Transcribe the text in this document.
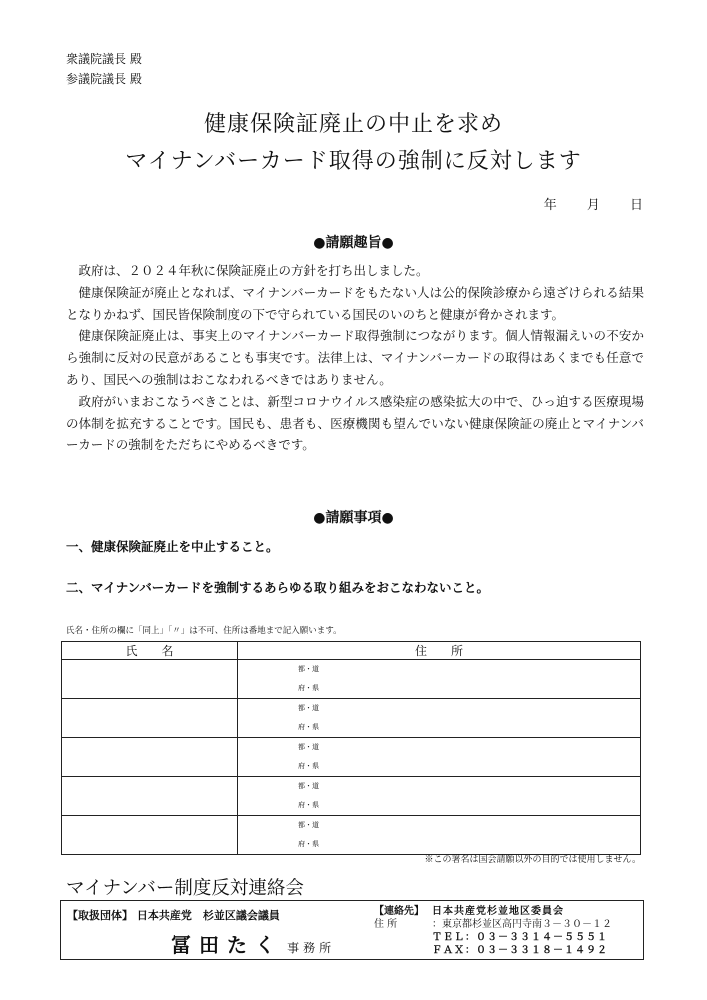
衆議院議長 殿
参議院議長 殿
健康保険証廃止の中止を求め
マイナンバーカード取得の強制に反対します
年 月 日
●請願趣旨●

政府は、２０２４年秋に保険証廃止の方針を打ち出しました。

健康保険証が廃止となれば、マイナンバーカードをもたない人は公的保険診療から遠ざけられる結果となりかねず、国民皆保険制度の下で守られている国民のいのちと健康が脅かされます。

健康保険証廃止は、事実上のマイナンバーカード取得強制につながります。個人情報漏えいの不安から強制に反対の民意があることも事実です。法律上は、マイナンバーカードの取得はあくまでも任意であり、国民への強制はおこなわれるべきではありません。

政府がいまおこなうべきことは、新型コロナウイルス感染症の感染拡大の中で、ひっ迫する医療現場の体制を拡充することです。国民も、患者も、医療機関も望んでいない健康保険証の廃止とマイナンバーカードの強制をただちにやめるべきです。

●請願事項●
一、健康保険証廃止を中止すること。
二、マイナンバーカードを強制するあらゆる取り組みをおこなわないこと。
氏名・住所の欄に「同上」「〃」は不可、住所は番地まで記入願います。
氏　　名	住　　所

	都・道
府・県

	都・道
府・県

	都・道
府・県

	都・道
府・県

	都・道
府・県
※この署名は国会請願以外の目的では使用しません。
マイナンバー制度反対連絡会
【取扱団体】 日本共産党　杉並区議会議員
冨田たく 事務所
【連絡先】 日本共産党杉並地区委員会
住 所	：東京都杉並区高円寺南３－３０－１２
ＴＥＬ：０３－３３１４－５５５１
ＦＡＸ：０３－３３１８－１４９２
